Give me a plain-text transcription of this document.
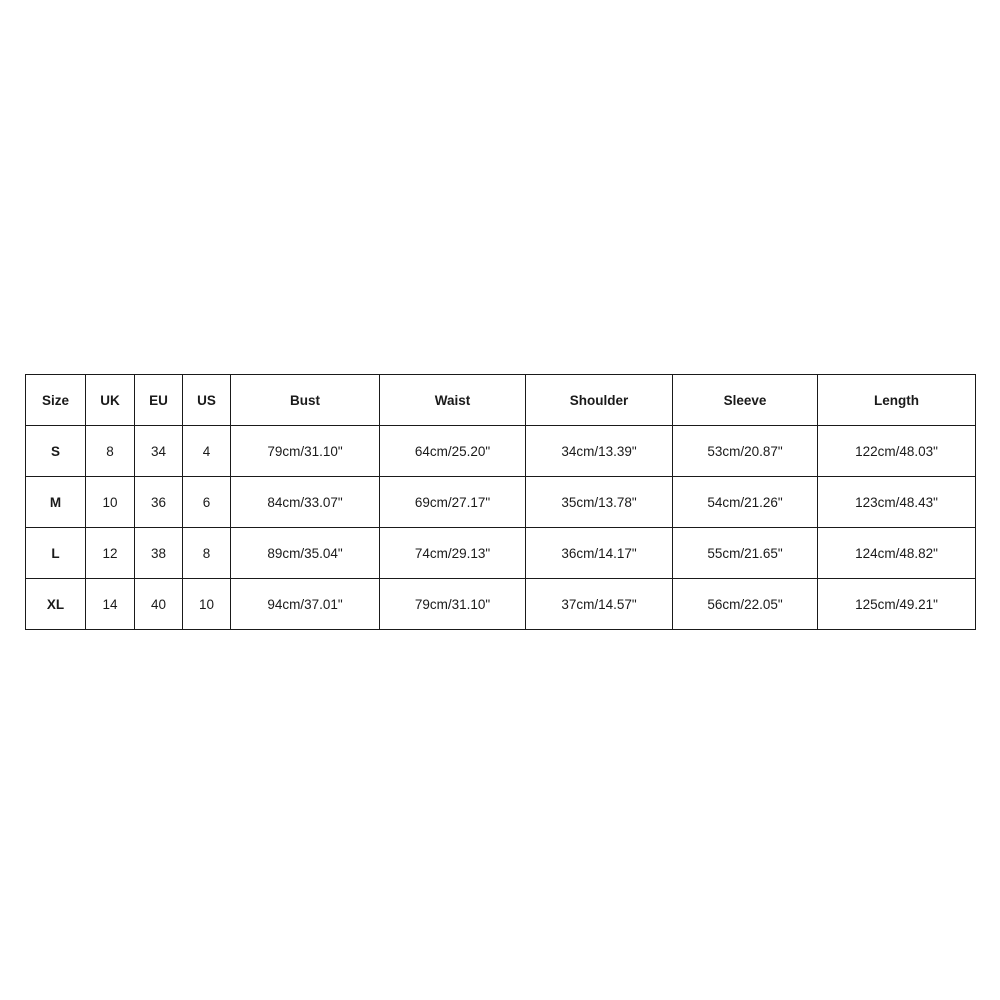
Size	UK	EU	US	Bust	Waist	Shoulder	Sleeve	Length
S	8	34	4	79cm/31.10"	64cm/25.20"	34cm/13.39"	53cm/20.87"	122cm/48.03"
M	10	36	6	84cm/33.07"	69cm/27.17"	35cm/13.78"	54cm/21.26"	123cm/48.43"
L	12	38	8	89cm/35.04"	74cm/29.13"	36cm/14.17"	55cm/21.65"	124cm/48.82"
XL	14	40	10	94cm/37.01"	79cm/31.10"	37cm/14.57"	56cm/22.05"	125cm/49.21"
